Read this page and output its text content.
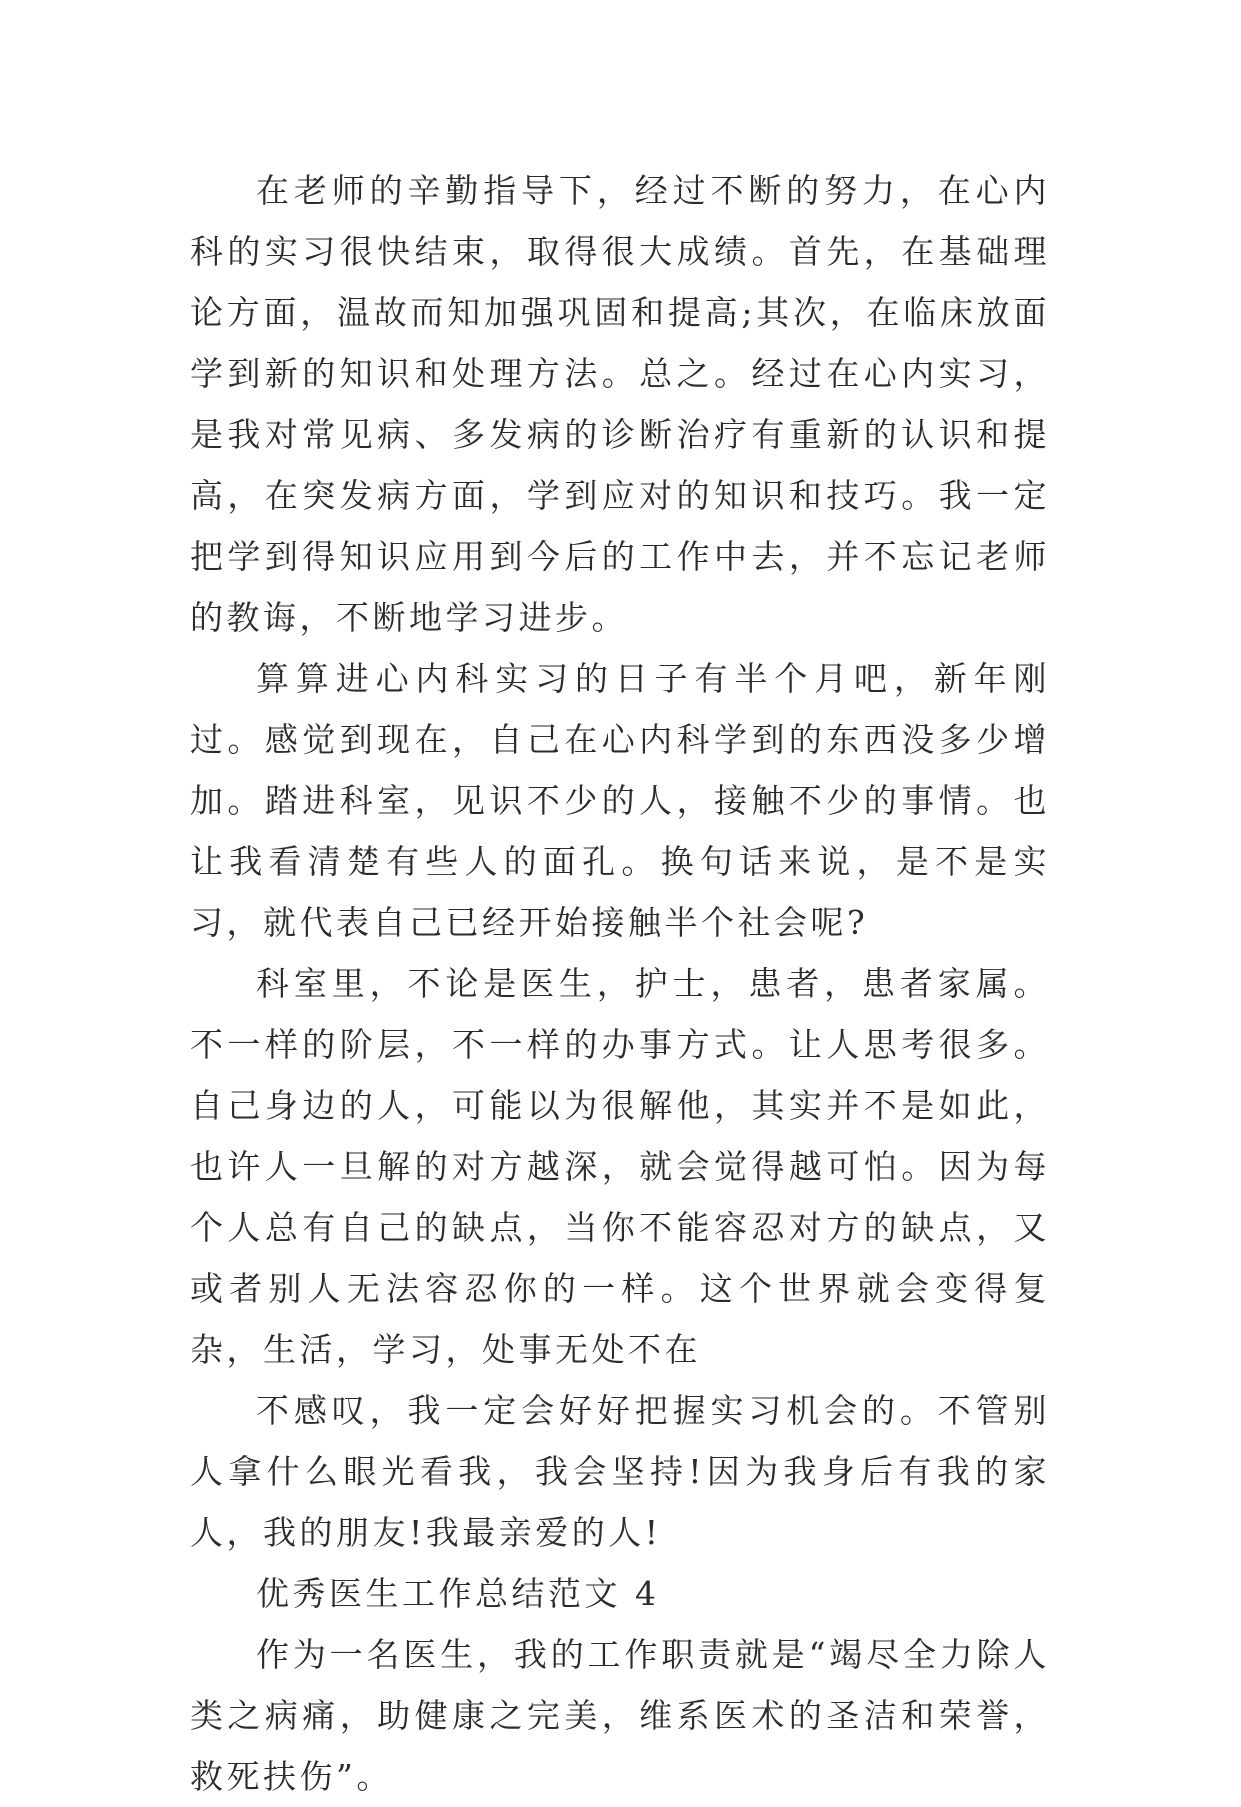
在老师的辛勤指导下，经过不断的努力，在心内科的实习很快结束，取得很大成绩。首先，在基础理论方面，温故而知加强巩固和提高;其次，在临床放面学到新的知识和处理方法。总之。经过在心内实习，是我对常见病、多发病的诊断治疗有重新的认识和提高，在突发病方面，学到应对的知识和技巧。我一定把学到得知识应用到今后的工作中去，并不忘记老师的教诲，不断地学习进步。

算算进心内科实习的日子有半个月吧，新年刚过。感觉到现在，自己在心内科学到的东西没多少增加。踏进科室，见识不少的人，接触不少的事情。也让我看清楚有些人的面孔。换句话来说，是不是实习，就代表自己已经开始接触半个社会呢?

科室里，不论是医生，护士，患者，患者家属。不一样的阶层，不一样的办事方式。让人思考很多。自己身边的人，可能以为很解他，其实并不是如此，也许人一旦解的对方越深，就会觉得越可怕。因为每个人总有自己的缺点，当你不能容忍对方的缺点，又或者别人无法容忍你的一样。这个世界就会变得复杂，生活，学习，处事无处不在

不感叹，我一定会好好把握实习机会的。不管别人拿什么眼光看我，我会坚持!因为我身后有我的家人，我的朋友!我最亲爱的人!

优秀医生工作总结范文 4

作为一名医生，我的工作职责就是“竭尽全力除人类之病痛，助健康之完美，维系医术的圣洁和荣誉，救死扶伤”。
